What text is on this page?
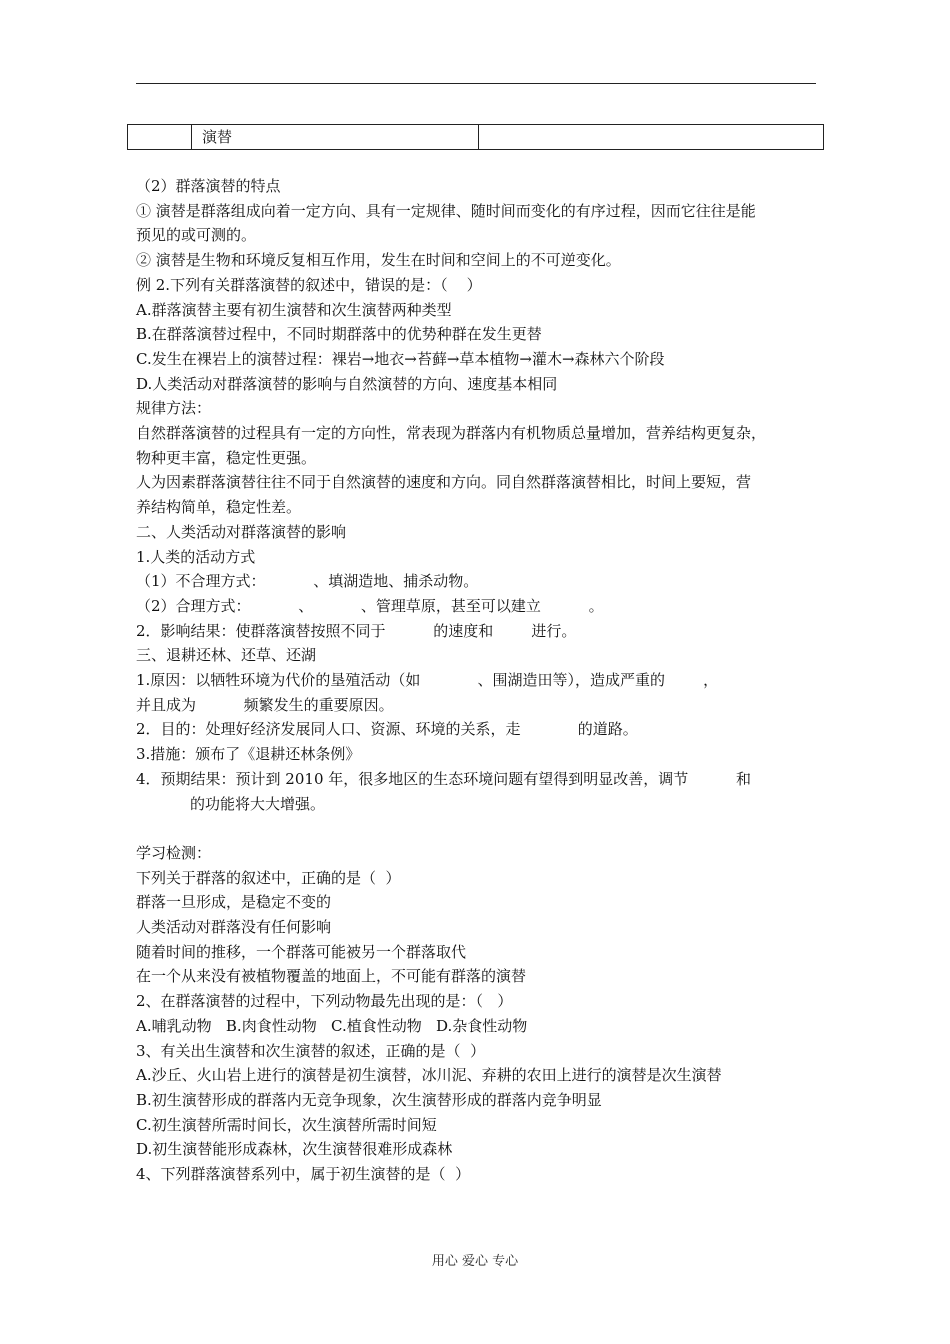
	演替	

（2）群落演替的特点

① 演替是群落组成向着一定方向、具有一定规律、随时间而变化的有序过程，因而它往往是能

预见的或可测的。

② 演替是生物和环境反复相互作用，发生在时间和空间上的不可逆变化。

例 2.下列有关群落演替的叙述中，错误的是：（    ）

A.群落演替主要有初生演替和次生演替两种类型

B.在群落演替过程中，不同时期群落中的优势种群在发生更替

C.发生在裸岩上的演替过程：裸岩→地衣→苔藓→草本植物→灌木→森林六个阶段

D.人类活动对群落演替的影响与自然演替的方向、速度基本相同

规律方法：

自然群落演替的过程具有一定的方向性，常表现为群落内有机物质总量增加，营养结构更复杂，

物种更丰富，稳定性更强。

人为因素群落演替往往不同于自然演替的速度和方向。同自然群落演替相比，时间上要短，营

养结构简单，稳定性差。

二、人类活动对群落演替的影响

1.人类的活动方式

（1）不合理方式：          、填湖造地、捕杀动物。

（2）合理方式：          、          、管理草原，甚至可以建立          。

2．影响结果：使群落演替按照不同于          的速度和        进行。

三、退耕还林、还草、还湖

1.原因：以牺牲环境为代价的垦殖活动（如            、围湖造田等），造成严重的        ，

并且成为          频繁发生的重要原因。

2．目的：处理好经济发展同人口、资源、环境的关系，走            的道路。

3.措施：颁布了《退耕还林条例》

4．预期结果：预计到 2010 年，很多地区的生态环境问题有望得到明显改善，调节          和

的功能将大大增强。

学习检测：

下列关于群落的叙述中，正确的是（  ）

群落一旦形成，是稳定不变的

人类活动对群落没有任何影响

随着时间的推移，一个群落可能被另一个群落取代

在一个从来没有被植物覆盖的地面上，不可能有群落的演替

2、在群落演替的过程中，下列动物最先出现的是：（   ）

A.哺乳动物   B.肉食性动物   C.植食性动物   D.杂食性动物

3、有关出生演替和次生演替的叙述，正确的是（  ）

A.沙丘、火山岩上进行的演替是初生演替，冰川泥、弃耕的农田上进行的演替是次生演替

B.初生演替形成的群落内无竞争现象，次生演替形成的群落内竞争明显

C.初生演替所需时间长，次生演替所需时间短

D.初生演替能形成森林，次生演替很难形成森林

4、下列群落演替系列中，属于初生演替的是（  ）

用心 爱心 专心
